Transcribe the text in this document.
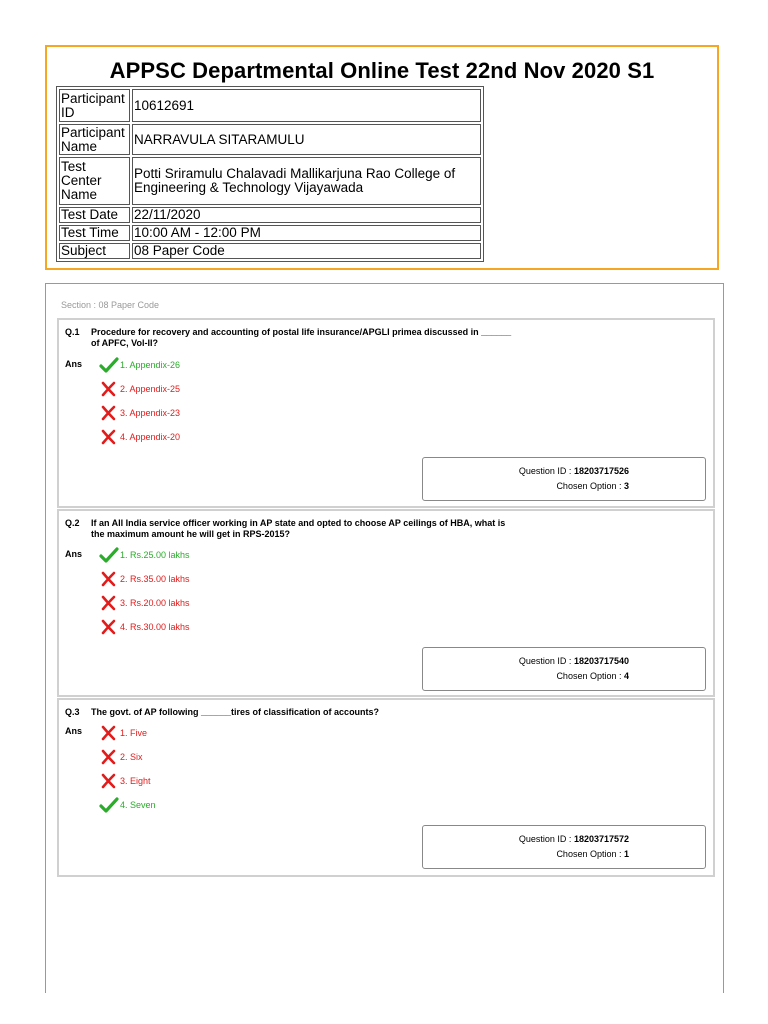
APPSC Departmental Online Test 22nd Nov 2020 S1
Participant ID	10612691
Participant Name	NARRAVULA SITARAMULU
Test Center Name	Potti Sriramulu Chalavadi Mallikarjuna Rao College of Engineering & Technology Vijayawada
Test Date	22/11/2020
Test Time	10:00 AM - 12:00 PM
Subject	08 Paper Code
Section : 08 Paper Code
Q.1 Procedure for recovery and accounting of postal life insurance/APGLI primea discussed in ______ of APFC, Vol-II?
Ans	1. Appendix-26
2. Appendix-25
3. Appendix-23
4. Appendix-20
Question ID : 18203717526
Chosen Option : 3
Q.2 If an All India service officer working in AP state and opted to choose AP ceilings of HBA, what is the maximum amount he will get in RPS-2015?
Ans	1. Rs.25.00 lakhs
2. Rs.35.00 lakhs
3. Rs.20.00 lakhs
4. Rs.30.00 lakhs
Question ID : 18203717540
Chosen Option : 4
Q.3 The govt. of AP following ______tires of classification of accounts?
Ans	1. Five
2. Six
3. Eight
4. Seven
Question ID : 18203717572
Chosen Option : 1
